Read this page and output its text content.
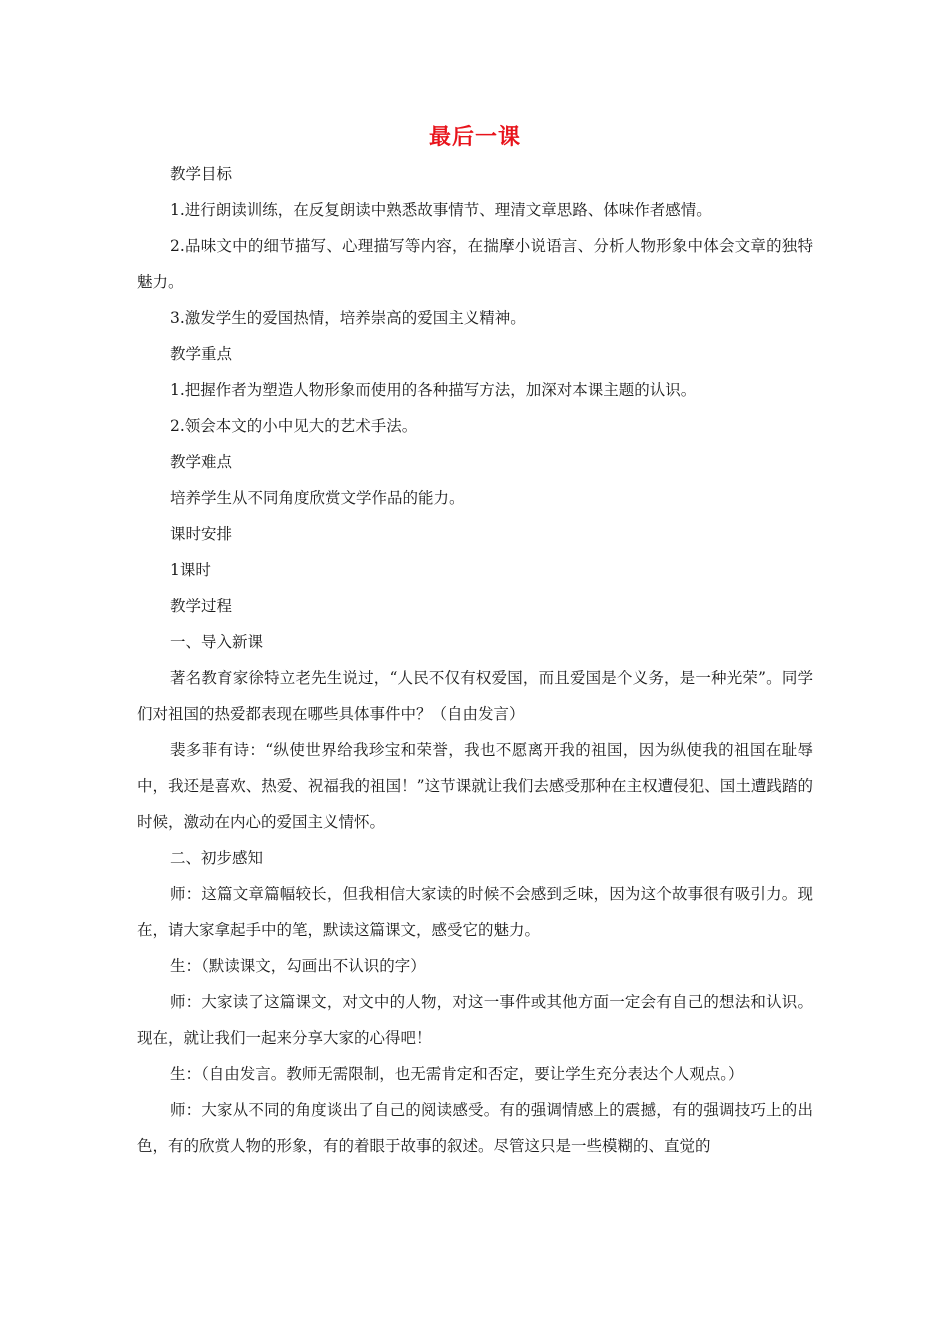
最后一课

教学目标

1.进行朗读训练，在反复朗读中熟悉故事情节、理清文章思路、体味作者感情。

2.品味文中的细节描写、心理描写等内容，在揣摩小说语言、分析人物形象中体会文章的独特魅力。

3.激发学生的爱国热情，培养崇高的爱国主义精神。

教学重点

1.把握作者为塑造人物形象而使用的各种描写方法，加深对本课主题的认识。

2.领会本文的小中见大的艺术手法。

教学难点

培养学生从不同角度欣赏文学作品的能力。

课时安排

1课时

教学过程

一、导入新课

著名教育家徐特立老先生说过，“人民不仅有权爱国，而且爱国是个义务，是一种光荣”。同学们对祖国的热爱都表现在哪些具体事件中？（自由发言）

裴多菲有诗：“纵使世界给我珍宝和荣誉，我也不愿离开我的祖国，因为纵使我的祖国在耻辱中，我还是喜欢、热爱、祝福我的祖国！”这节课就让我们去感受那种在主权遭侵犯、国土遭践踏的时候，激动在内心的爱国主义情怀。

二、初步感知

师：这篇文章篇幅较长，但我相信大家读的时候不会感到乏味，因为这个故事很有吸引力。现在，请大家拿起手中的笔，默读这篇课文，感受它的魅力。

生：（默读课文，勾画出不认识的字）

师：大家读了这篇课文，对文中的人物，对这一事件或其他方面一定会有自己的想法和认识。现在，就让我们一起来分享大家的心得吧！

生：（自由发言。教师无需限制，也无需肯定和否定，要让学生充分表达个人观点。）

师：大家从不同的角度谈出了自己的阅读感受。有的强调情感上的震撼，有的强调技巧上的出色，有的欣赏人物的形象，有的着眼于故事的叙述。尽管这只是一些模糊的、直觉的
